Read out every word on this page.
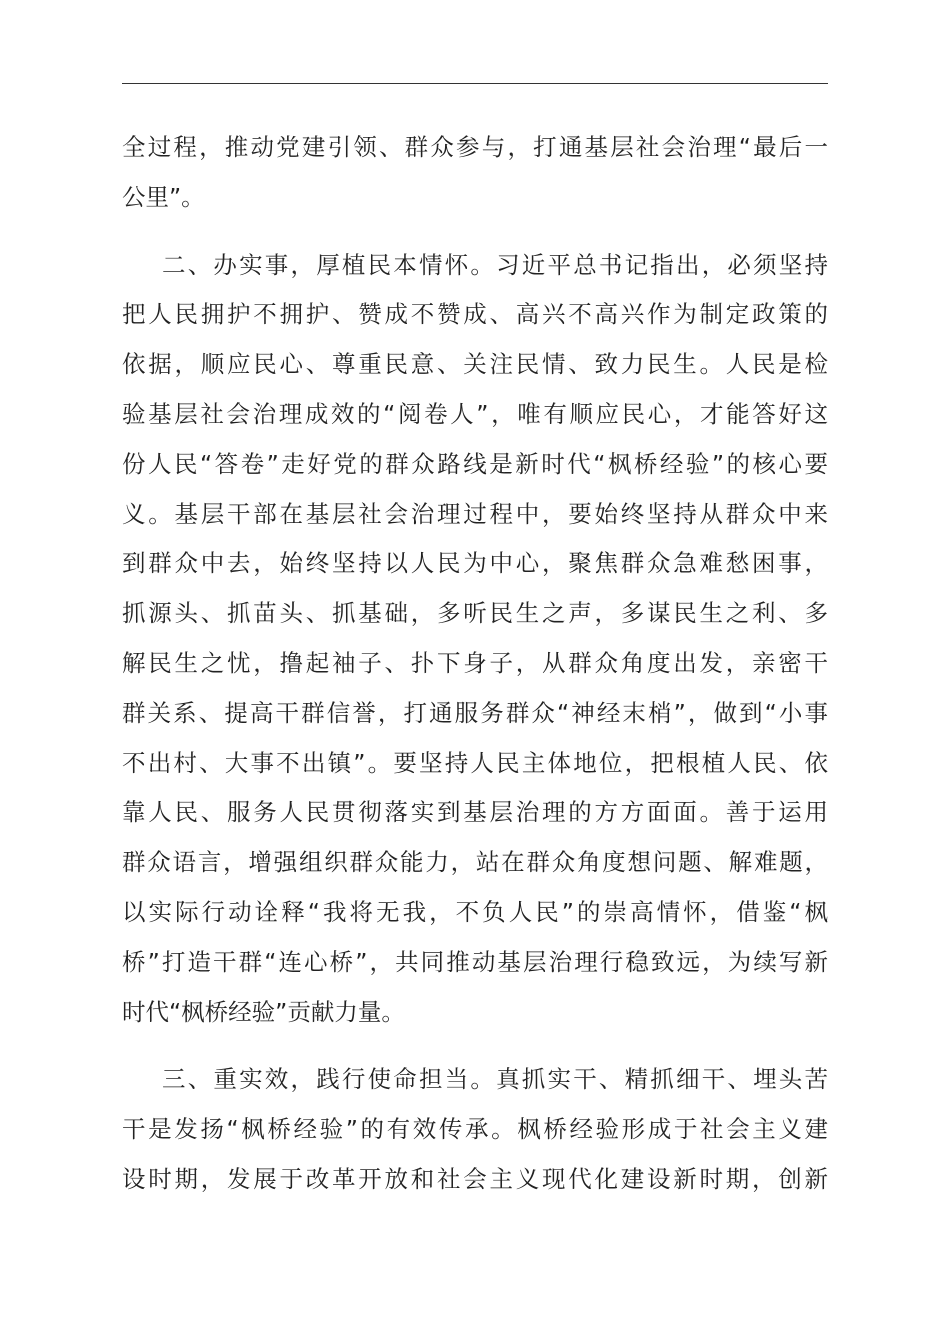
全过程，推动党建引领、群众参与，打通基层社会治理“最后一
公里”。
二、办实事，厚植民本情怀。习近平总书记指出，必须坚持
把人民拥护不拥护、赞成不赞成、高兴不高兴作为制定政策的
依据，顺应民心、尊重民意、关注民情、致力民生。人民是检
验基层社会治理成效的“阅卷人”，唯有顺应民心，才能答好这
份人民“答卷”走好党的群众路线是新时代“枫桥经验”的核心要
义。基层干部在基层社会治理过程中，要始终坚持从群众中来
到群众中去，始终坚持以人民为中心，聚焦群众急难愁困事，
抓源头、抓苗头、抓基础，多听民生之声，多谋民生之利、多
解民生之忧，撸起袖子、扑下身子，从群众角度出发，亲密干
群关系、提高干群信誉，打通服务群众“神经末梢”，做到“小事
不出村、大事不出镇”。要坚持人民主体地位，把根植人民、依
靠人民、服务人民贯彻落实到基层治理的方方面面。善于运用
群众语言，增强组织群众能力，站在群众角度想问题、解难题，
以实际行动诠释“我将无我，不负人民”的崇高情怀，借鉴“枫
桥”打造干群“连心桥”，共同推动基层治理行稳致远，为续写新
时代“枫桥经验”贡献力量。
三、重实效，践行使命担当。真抓实干、精抓细干、埋头苦
干是发扬“枫桥经验”的有效传承。枫桥经验形成于社会主义建
设时期，发展于改革开放和社会主义现代化建设新时期，创新
